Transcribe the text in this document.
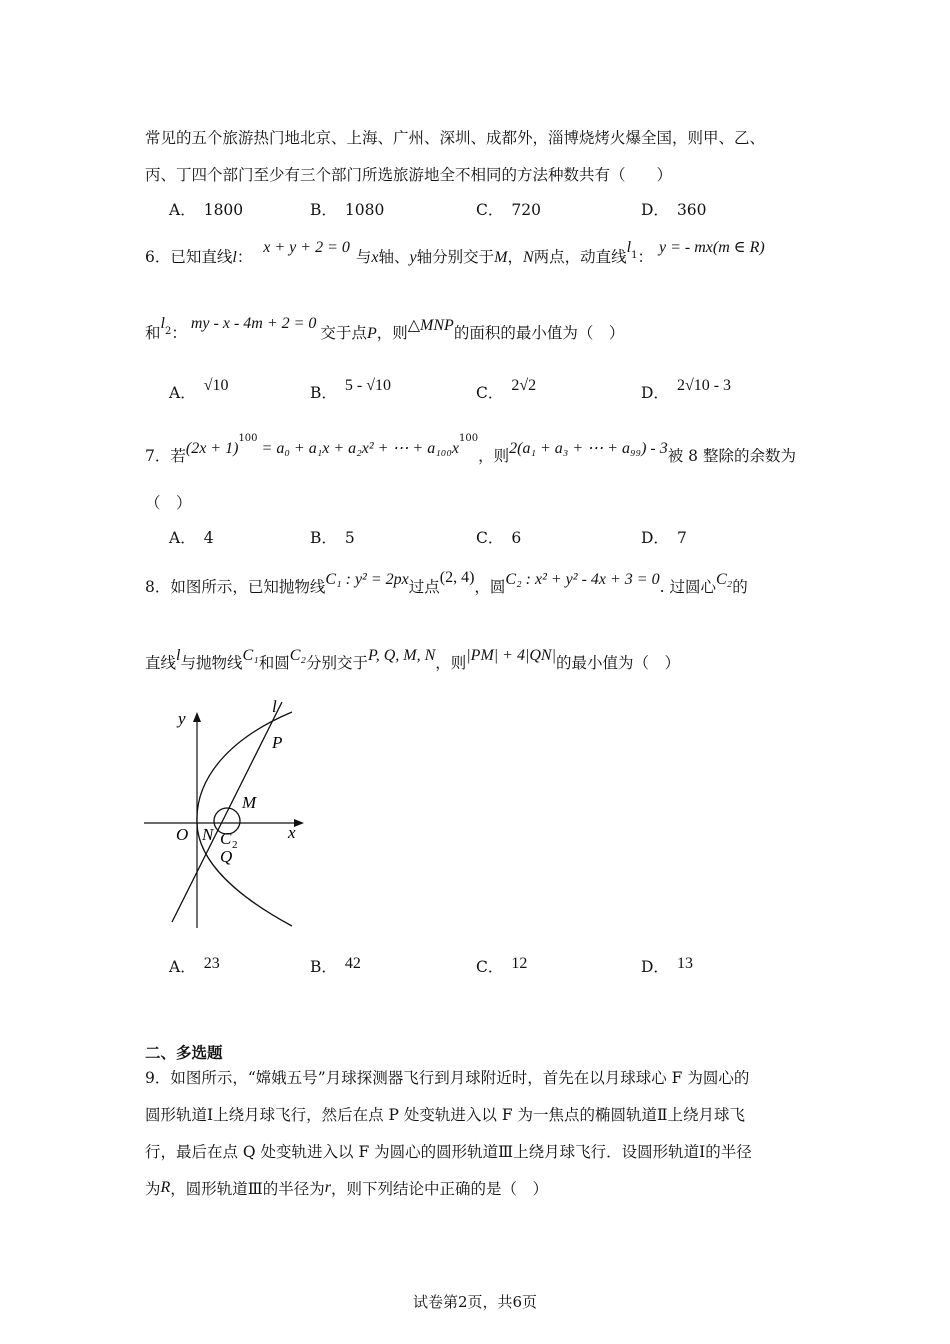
常见的五个旅游热门地北京、上海、广州、深圳、成都外，淄博烧烤火爆全国，则甲、乙、
丙、丁四个部门至少有三个部门所选旅游地全不相同的方法种数共有（　　）
A． 1800	B． 1080	C． 720	D． 360
6．已知直线l： x + y + 2 = 0与x轴、y轴分别交于M，N两点，动直线$l_1$：y = - mx(m ∈ R)
和$l_2$：my - x - 4m + 2 = 0交于点P，则△MNP的面积的最小值为（　）
A． √10	B． 5 - √10	C． 2√2	D． 2√10 - 3
7．若$(2x + 1)^{100} = a_0 + a_1x + a_2x^2$ + ⋯ + $a_{100}x^{100}$，则2(a₁ + a₃ + ⋯ + a₉₉) - 3被 8 整除的余数为
（　）
A． 4	B． 5	C． 6	D． 7
8．如图所示，已知抛物线C₁ : y² = 2px过点(2, 4)，圆C₂ : x² + y² - 4x + 3 = 0. 过圆心C₂的
直线l与抛物线C₁和圆C₂分别交于P, Q, M, N，则|PM| + 4|QN|的最小值为（　）
y
x
l
P
M
O N C 2
Q
A． 23	B． 42	C． 12	D． 13
二、多选题
9．如图所示，“嫦娥五号”月球探测器飞行到月球附近时，首先在以月球球心 F 为圆心的
圆形轨道Ⅰ上绕月球飞行，然后在点 P 处变轨进入以 F 为一焦点的椭圆轨道Ⅱ上绕月球飞
行，最后在点 Q 处变轨进入以 F 为圆心的圆形轨道Ⅲ上绕月球飞行．设圆形轨道Ⅰ的半径
为R，圆形轨道Ⅲ的半径为r，则下列结论中正确的是（　）
试卷第2页，共6页
